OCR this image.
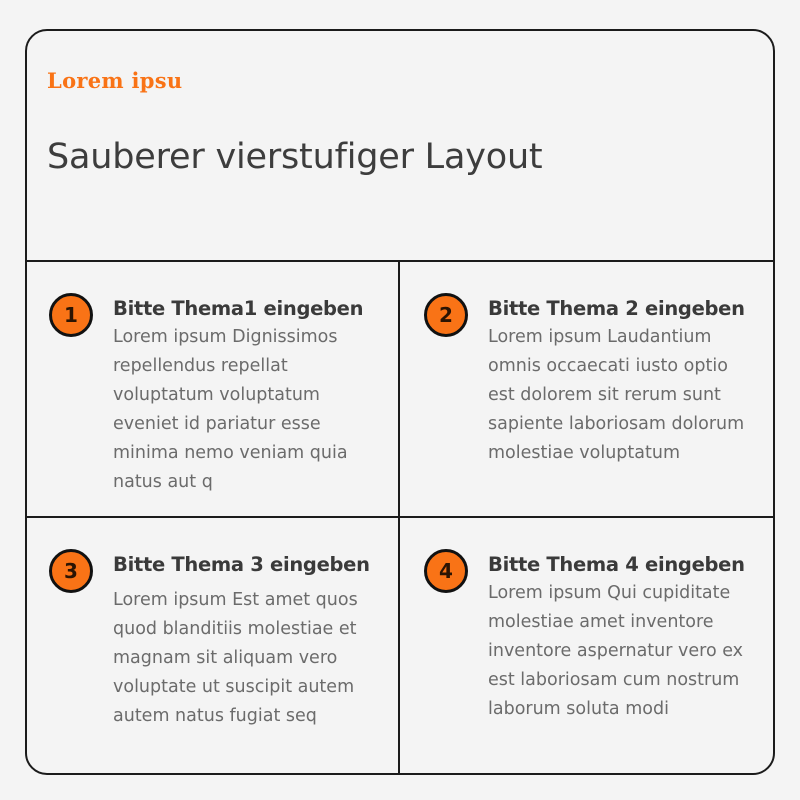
Lorem ipsu
Sauberer vierstufiger Layout
1	Bitte Thema1 eingeben
Lorem ipsum Dignissimos repellendus repellat voluptatum voluptatum eveniet id pariatur esse minima nemo veniam quia natus aut q
2	Bitte Thema 2 eingeben
Lorem ipsum Laudantium omnis occaecati iusto optio est dolorem sit rerum sunt sapiente laboriosam dolorum molestiae voluptatum
3	Bitte Thema 3 eingeben
Lorem ipsum Est amet quos quod blanditiis molestiae et magnam sit aliquam vero voluptate ut suscipit autem autem natus fugiat seq
4	Bitte Thema 4 eingeben
Lorem ipsum Qui cupiditate molestiae amet inventore inventore aspernatur vero ex est laboriosam cum nostrum laborum soluta modi
